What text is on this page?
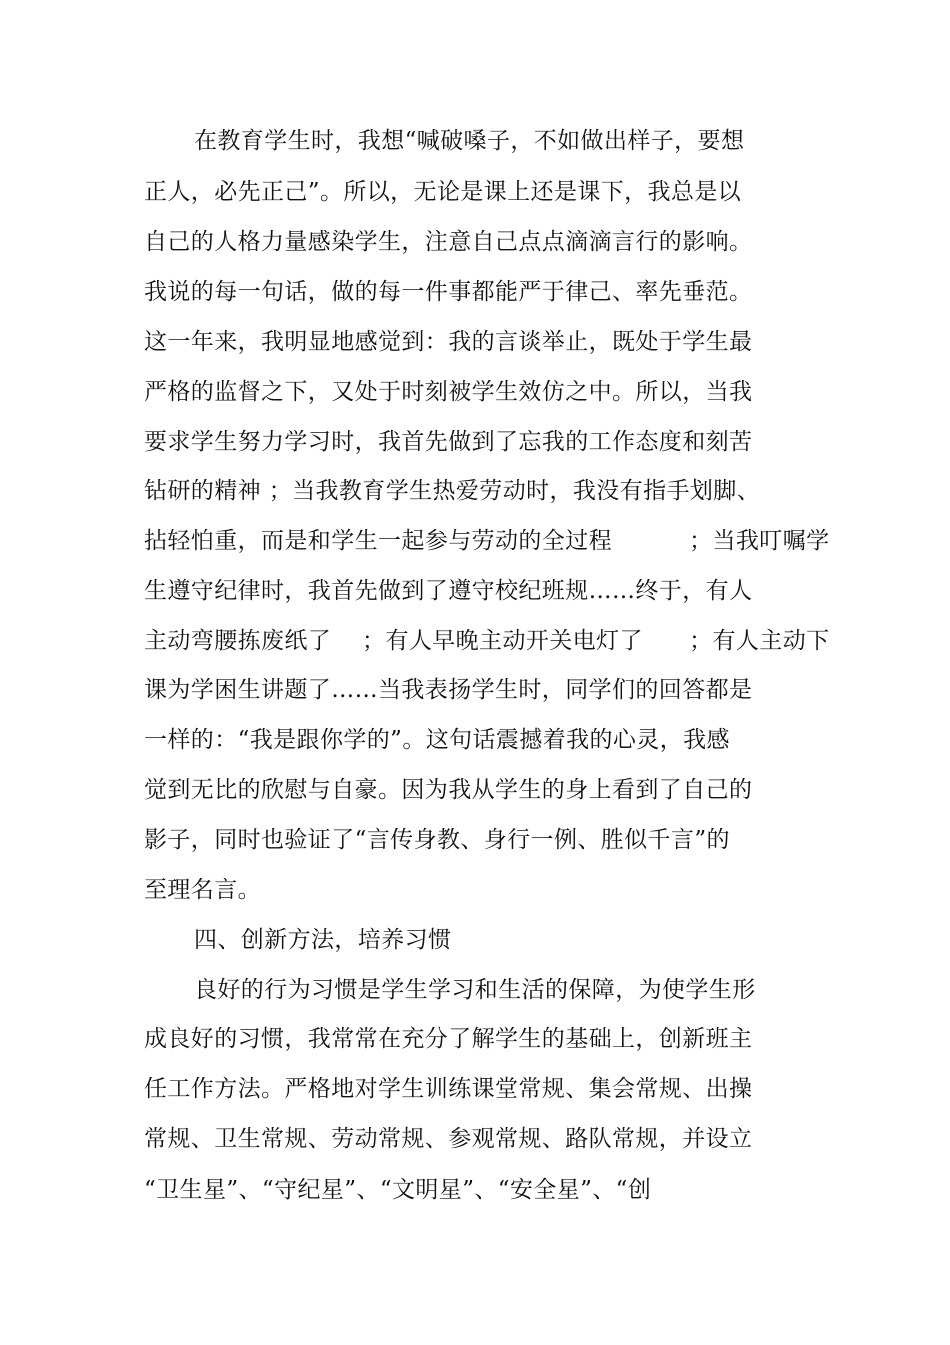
在教育学生时，我想“喊破嗓子，不如做出样子，要想
正人，必先正己”。所以，无论是课上还是课下，我总是以
自己的人格力量感染学生，注意自己点点滴滴言行的影响。
我说的每一句话，做的每一件事都能严于律己、率先垂范。
这一年来，我明显地感觉到：我的言谈举止，既处于学生最
严格的监督之下，又处于时刻被学生效仿之中。所以，当我
要求学生努力学习时，我首先做到了忘我的工作态度和刻苦
钻研的精神 ；当我教育学生热爱劳动时，我没有指手划脚、
拈轻怕重，而是和学生一起参与劳动的全过程          ；当我叮嘱学
生遵守纪律时，我首先做到了遵守校纪班规……终于，有人
主动弯腰拣废纸了    ；有人早晚主动开关电灯了      ；有人主动下
课为学困生讲题了……当我表扬学生时，同学们的回答都是
一样的：“我是跟你学的”。这句话震撼着我的心灵，我感
觉到无比的欣慰与自豪。因为我从学生的身上看到了自己的
影子，同时也验证了“言传身教、身行一例、胜似千言”的
至理名言。
四、创新方法，培养习惯
良好的行为习惯是学生学习和生活的保障，为使学生形
成良好的习惯，我常常在充分了解学生的基础上，创新班主
任工作方法。严格地对学生训练课堂常规、集会常规、出操
常规、卫生常规、劳动常规、参观常规、路队常规，并设立
“卫生星”、“守纪星”、“文明星”、“安全星”、“创
